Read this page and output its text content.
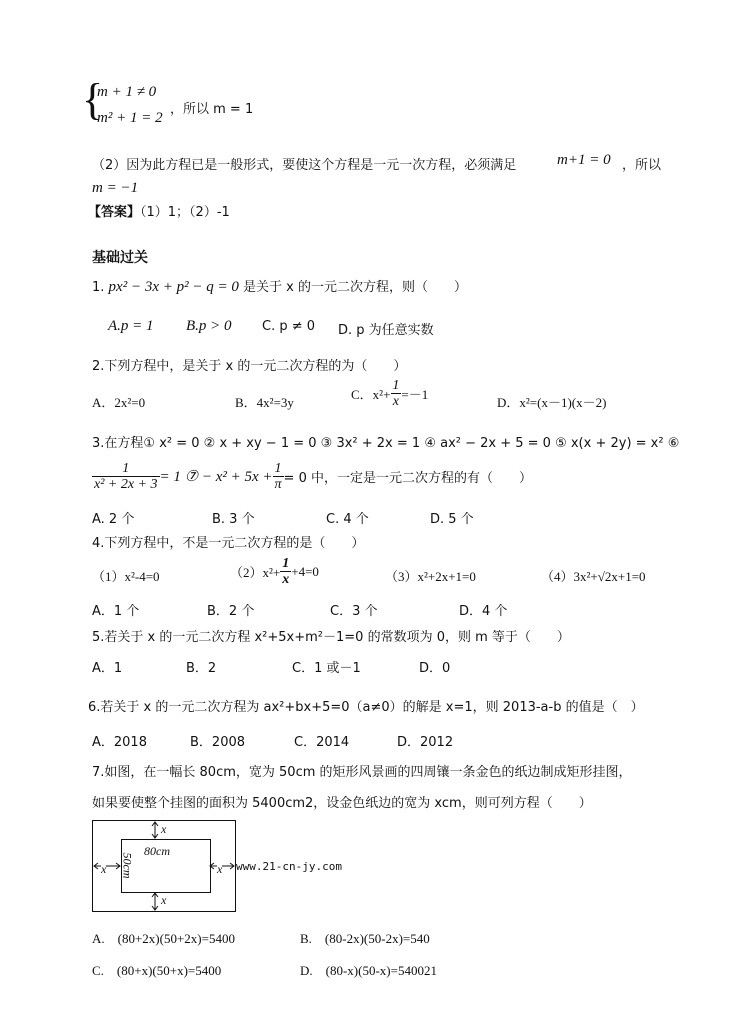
{
m + 1 ≠ 0
m² + 1 = 2
，所以 m = 1
（2）因为此方程已是一般形式，要使这个方程是一元一次方程，必须满足	m+1 = 0 ，所以
m = −1
【答案】（1）1；（2）-1
基础过关
1. px² − 3x + p² − q = 0 是关于 x 的一元二次方程，则（　　）
A.p = 1 B.p > 0 C. p ≠ 0 D. p 为任意实数
2.下列方程中，是关于 x 的一元二次方程的为（　　）
A．2x²=0	B．4x²=3y
C．$x^2+ \frac{1}{x} =-1$
D．x²=(x－1)(x－2)
3.在方程① x² = 0 ② x + xy − 1 = 0 ③ 3x² + 2x = 1 ④ ax² − 2x + 5 = 0 ⑤ x(x + 2y) = x² ⑥
$\frac{1}{\text{x² + 2x + 3}} = 1$ ⑦ − $x^2 + 5x + \frac{1}{\pi} = 0$ 中，一定是一元二次方程的有（　　）
A. 2 个	B. 3 个	C. 4 个	D. 5 个
4.下列方程中，不是一元二次方程的是（　　）
（1）x²-4=0	$(2)x^2+ \frac{1}{x} +4=0$	（3）x²+2x+1=0	（4）3x²+√2x+1=0
A．1 个	B．2 个	C．3 个	D．4 个
5.若关于 x 的一元二次方程 x²+5x+m²－1=0 的常数项为 0，则 m 等于（　　）
A．1	B．2	C．1 或－1	D．0
6.若关于 x 的一元二次方程为 ax²+bx+5=0（a≠0）的解是 x=1，则 2013-a-b 的值是（　）
A．2018	B．2008	C．2014	D．2012
7.如图，在一幅长 80cm，宽为 50cm 的矩形风景画的四周镶一条金色的纸边制成矩形挂图，
如果要使整个挂图的面积为 5400cm2，设金色纸边的宽为 xcm，则可列方程（　　）
80cm
50cm
x
x
x	x www.21-cn-jy.com
A.　(80+2x)(50+2x)=5400	B.　(80-2x)(50-2x)=540
C.　(80+x)(50+x)=5400	D.　(80-x)(50-x)=540021
